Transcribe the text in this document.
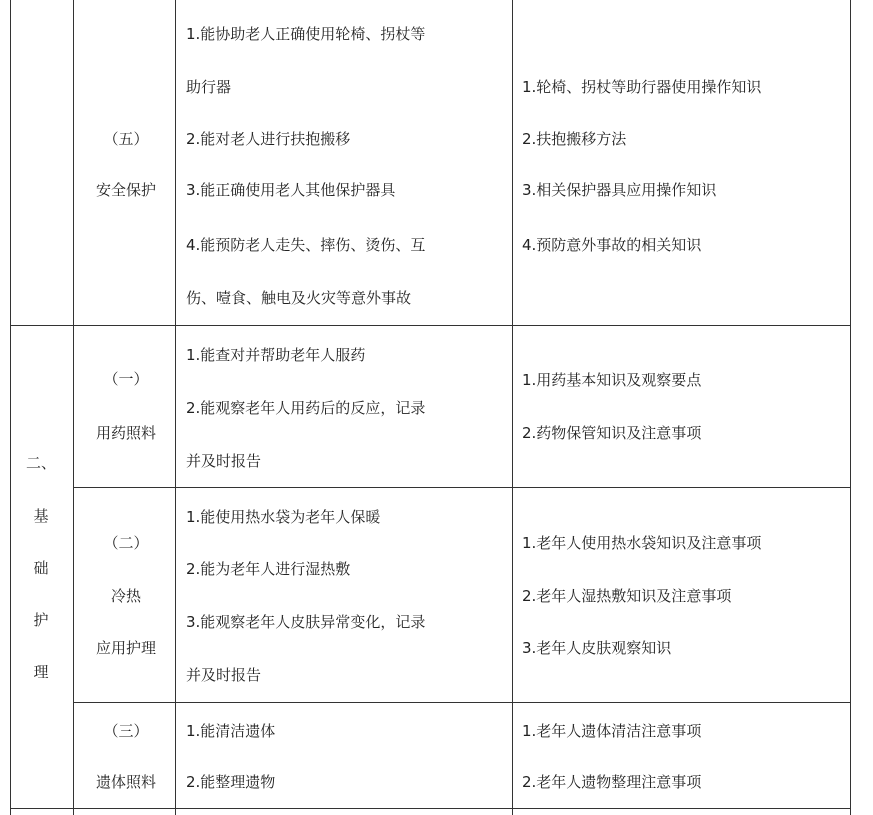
二、
基
础
护
理
（五）
安全保护
1.能协助老人正确使用轮椅、拐杖等
助行器
2.能对老人进行扶抱搬移
3.能正确使用老人其他保护器具
4.能预防老人走失、摔伤、烫伤、互
伤、噎食、触电及火灾等意外事故
1.轮椅、拐杖等助行器使用操作知识
2.扶抱搬移方法
3.相关保护器具应用操作知识
4.预防意外事故的相关知识
（一）
用药照料
1.能查对并帮助老年人服药
2.能观察老年人用药后的反应，记录
并及时报告
1.用药基本知识及观察要点
2.药物保管知识及注意事项
（二）
冷热
应用护理
1.能使用热水袋为老年人保暖
2.能为老年人进行湿热敷
3.能观察老年人皮肤异常变化，记录
并及时报告
1.老年人使用热水袋知识及注意事项
2.老年人湿热敷知识及注意事项
3.老年人皮肤观察知识
（三）
遗体照料
1.能清洁遗体
2.能整理遗物
1.老年人遗体清洁注意事项
2.老年人遗物整理注意事项
